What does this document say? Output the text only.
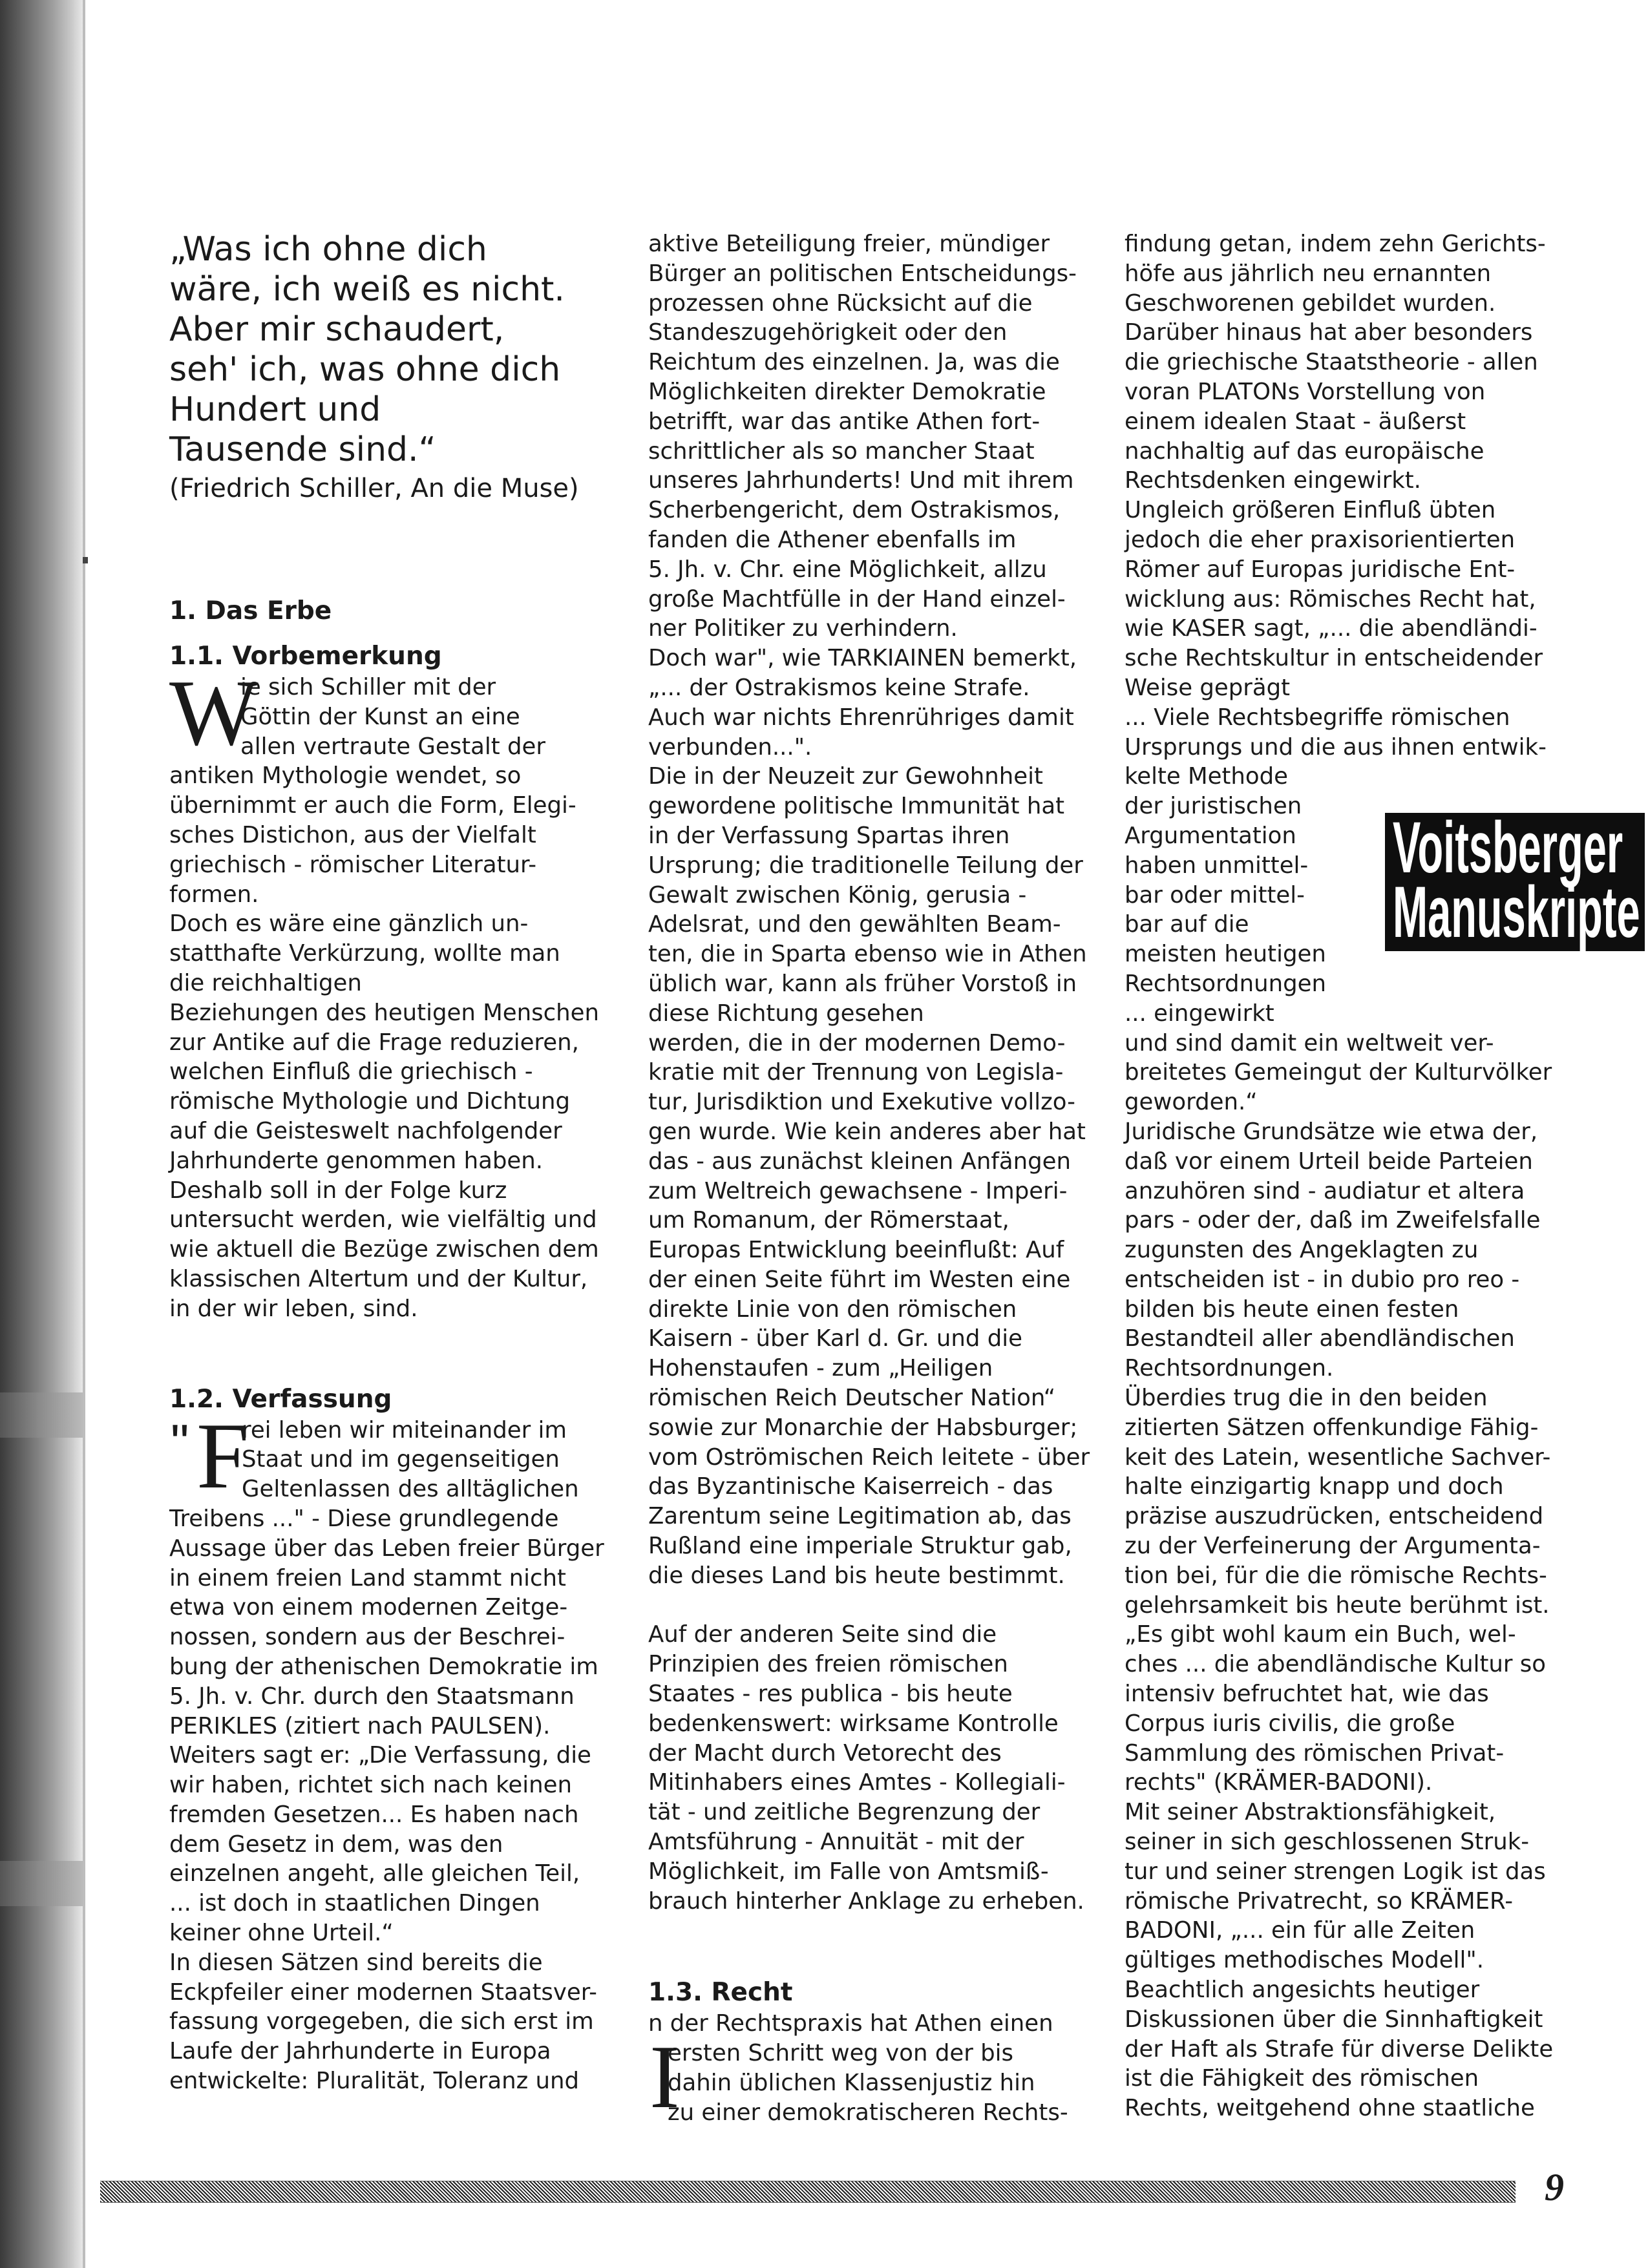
„Was ich ohne dich
wäre, ich weiß es nicht.
Aber mir schaudert,
seh' ich, was ohne dich
Hundert und
Tausende sind.“
(Friedrich Schiller, An die Muse)
1. Das Erbe
1.1. Vorbemerkung
W
ie sich Schiller mit der
Göttin der Kunst an eine
allen vertraute Gestalt der
antiken Mythologie wendet, so
übernimmt er auch die Form, Elegi-
sches Distichon, aus der Vielfalt
griechisch - römischer Literatur-
formen.
Doch es wäre eine gänzlich un-
statthafte Verkürzung, wollte man
die reichhaltigen
Beziehungen des heutigen Menschen
zur Antike auf die Frage reduzieren,
welchen Einfluß die griechisch -
römische Mythologie und Dichtung
auf die Geisteswelt nachfolgender
Jahrhunderte genommen haben.
Deshalb soll in der Folge kurz
untersucht werden, wie vielfältig und
wie aktuell die Bezüge zwischen dem
klassischen Altertum und der Kultur,
in der wir leben, sind.
1.2. Verfassung
" F
rei leben wir miteinander im
Staat und im gegenseitigen
Geltenlassen des alltäglichen
Treibens ..." - Diese grundlegende
Aussage über das Leben freier Bürger
in einem freien Land stammt nicht
etwa von einem modernen Zeitge-
nossen, sondern aus der Beschrei-
bung der athenischen Demokratie im
5. Jh. v. Chr. durch den Staatsmann
PERIKLES (zitiert nach PAULSEN).
Weiters sagt er: „Die Verfassung, die
wir haben, richtet sich nach keinen
fremden Gesetzen... Es haben nach
dem Gesetz in dem, was den
einzelnen angeht, alle gleichen Teil,
... ist doch in staatlichen Dingen
keiner ohne Urteil.“
In diesen Sätzen sind bereits die
Eckpfeiler einer modernen Staatsver-
fassung vorgegeben, die sich erst im
Laufe der Jahrhunderte in Europa
entwickelte: Pluralität, Toleranz und
aktive Beteiligung freier, mündiger
Bürger an politischen Entscheidungs-
prozessen ohne Rücksicht auf die
Standeszugehörigkeit oder den
Reichtum des einzelnen. Ja, was die
Möglichkeiten direkter Demokratie
betrifft, war das antike Athen fort-
schrittlicher als so mancher Staat
unseres Jahrhunderts! Und mit ihrem
Scherbengericht, dem Ostrakismos,
fanden die Athener ebenfalls im
5. Jh. v. Chr. eine Möglichkeit, allzu
große Machtfülle in der Hand einzel-
ner Politiker zu verhindern.
Doch war", wie TARKIAINEN bemerkt,
„... der Ostrakismos keine Strafe.
Auch war nichts Ehrenrühriges damit
verbunden...".
Die in der Neuzeit zur Gewohnheit
gewordene politische Immunität hat
in der Verfassung Spartas ihren
Ursprung; die traditionelle Teilung der
Gewalt zwischen König, gerusia -
Adelsrat, und den gewählten Beam-
ten, die in Sparta ebenso wie in Athen
üblich war, kann als früher Vorstoß in
diese Richtung gesehen
werden, die in der modernen Demo-
kratie mit der Trennung von Legisla-
tur, Jurisdiktion und Exekutive vollzo-
gen wurde. Wie kein anderes aber hat
das - aus zunächst kleinen Anfängen
zum Weltreich gewachsene - Imperi-
um Romanum, der Römerstaat,
Europas Entwicklung beeinflußt: Auf
der einen Seite führt im Westen eine
direkte Linie von den römischen
Kaisern - über Karl d. Gr. und die
Hohenstaufen - zum „Heiligen
römischen Reich Deutscher Nation“
sowie zur Monarchie der Habsburger;
vom Oströmischen Reich leitete - über
das Byzantinische Kaiserreich - das
Zarentum seine Legitimation ab, das
Rußland eine imperiale Struktur gab,
die dieses Land bis heute bestimmt.
Auf der anderen Seite sind die
Prinzipien des freien römischen
Staates - res publica - bis heute
bedenkenswert: wirksame Kontrolle
der Macht durch Vetorecht des
Mitinhabers eines Amtes - Kollegiali-
tät - und zeitliche Begrenzung der
Amtsführung - Annuität - mit der
Möglichkeit, im Falle von Amtsmiß-
brauch hinterher Anklage zu erheben.
1.3. Recht
n der Rechtspraxis hat Athen einen
I
ersten Schritt weg von der bis
dahin üblichen Klassenjustiz hin
zu einer demokratischeren Rechts-
findung getan, indem zehn Gerichts-
höfe aus jährlich neu ernannten
Geschworenen gebildet wurden.
Darüber hinaus hat aber besonders
die griechische Staatstheorie - allen
voran PLATONs Vorstellung von
einem idealen Staat - äußerst
nachhaltig auf das europäische
Rechtsdenken eingewirkt.
Ungleich größeren Einfluß übten
jedoch die eher praxisorientierten
Römer auf Europas juridische Ent-
wicklung aus: Römisches Recht hat,
wie KASER sagt, „... die abendländi-
sche Rechtskultur in entscheidender
Weise geprägt
... Viele Rechtsbegriffe römischen
Ursprungs und die aus ihnen entwik-
kelte Methode
der juristischen
Argumentation
haben unmittel-
bar oder mittel-
bar auf die
meisten heutigen
Rechtsordnungen
... eingewirkt
und sind damit ein weltweit ver-
breitetes Gemeingut der Kulturvölker
geworden.“
Juridische Grundsätze wie etwa der,
daß vor einem Urteil beide Parteien
anzuhören sind - audiatur et altera
pars - oder der, daß im Zweifelsfalle
zugunsten des Angeklagten zu
entscheiden ist - in dubio pro reo -
bilden bis heute einen festen
Bestandteil aller abendländischen
Rechtsordnungen.
Überdies trug die in den beiden
zitierten Sätzen offenkundige Fähig-
keit des Latein, wesentliche Sachver-
halte einzigartig knapp und doch
präzise auszudrücken, entscheidend
zu der Verfeinerung der Argumenta-
tion bei, für die die römische Rechts-
gelehrsamkeit bis heute berühmt ist.
„Es gibt wohl kaum ein Buch, wel-
ches ... die abendländische Kultur so
intensiv befruchtet hat, wie das
Corpus iuris civilis, die große
Sammlung des römischen Privat-
rechts" (KRÄMER-BADONI).
Mit seiner Abstraktionsfähigkeit,
seiner in sich geschlossenen Struk-
tur und seiner strengen Logik ist das
römische Privatrecht, so KRÄMER-
BADONI, „... ein für alle Zeiten
gültiges methodisches Modell".
Beachtlich angesichts heutiger
Diskussionen über die Sinnhaftigkeit
der Haft als Strafe für diverse Delikte
ist die Fähigkeit des römischen
Rechts, weitgehend ohne staatliche
Voitsberger
Manuskripte
9
